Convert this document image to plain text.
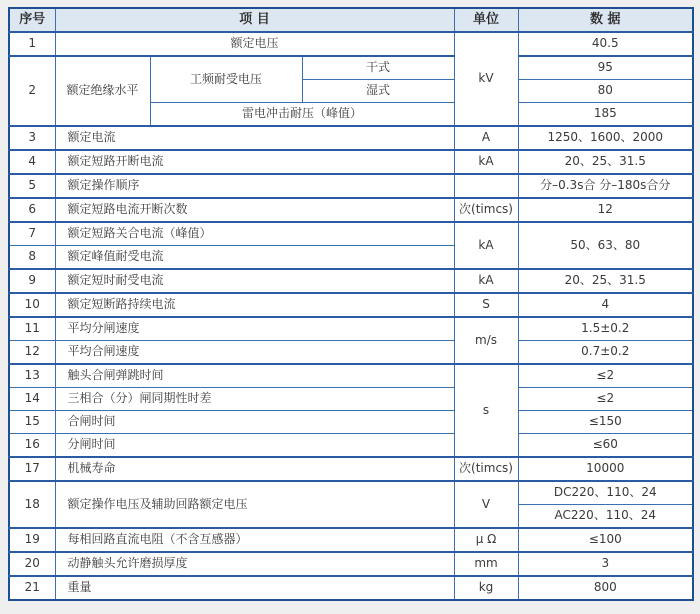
序号	项 目			单位	数 据
1	额定电压			kV	40.5
2	额定绝缘水平	工频耐受电压	干式		95
			湿式		80
		雷电冲击耐压（峰值）			185
3	额定电流			A	1250、1600、2000
4	额定短路开断电流			kA	20、25、31.5
5	额定操作顺序				分–0.3s合 分–180s合分
6	额定短路电流开断次数			次(timcs)	12
7	额定短路关合电流（峰值）			kA	50、63、80
8	额定峰值耐受电流				
9	额定短时耐受电流			kA	20、25、31.5
10	额定短断路持续电流			S	4
11	平均分闸速度			m/s	1.5±0.2
12	平均合闸速度				0.7±0.2
13	触头合闸弹跳时间			s	≤2
14	三相合（分）闸同期性时差				≤2
15	合闸时间				≤150
16	分闸时间				≤60
17	机械寿命			次(timcs)	10000
18	额定操作电压及辅助回路额定电压			V	DC220、110、24
					AC220、110、24
19	每相回路直流电阻（不含互感器）			μ Ω	≤100
20	动静触头允许磨损厚度			mm	3
21	重量			kg	800
